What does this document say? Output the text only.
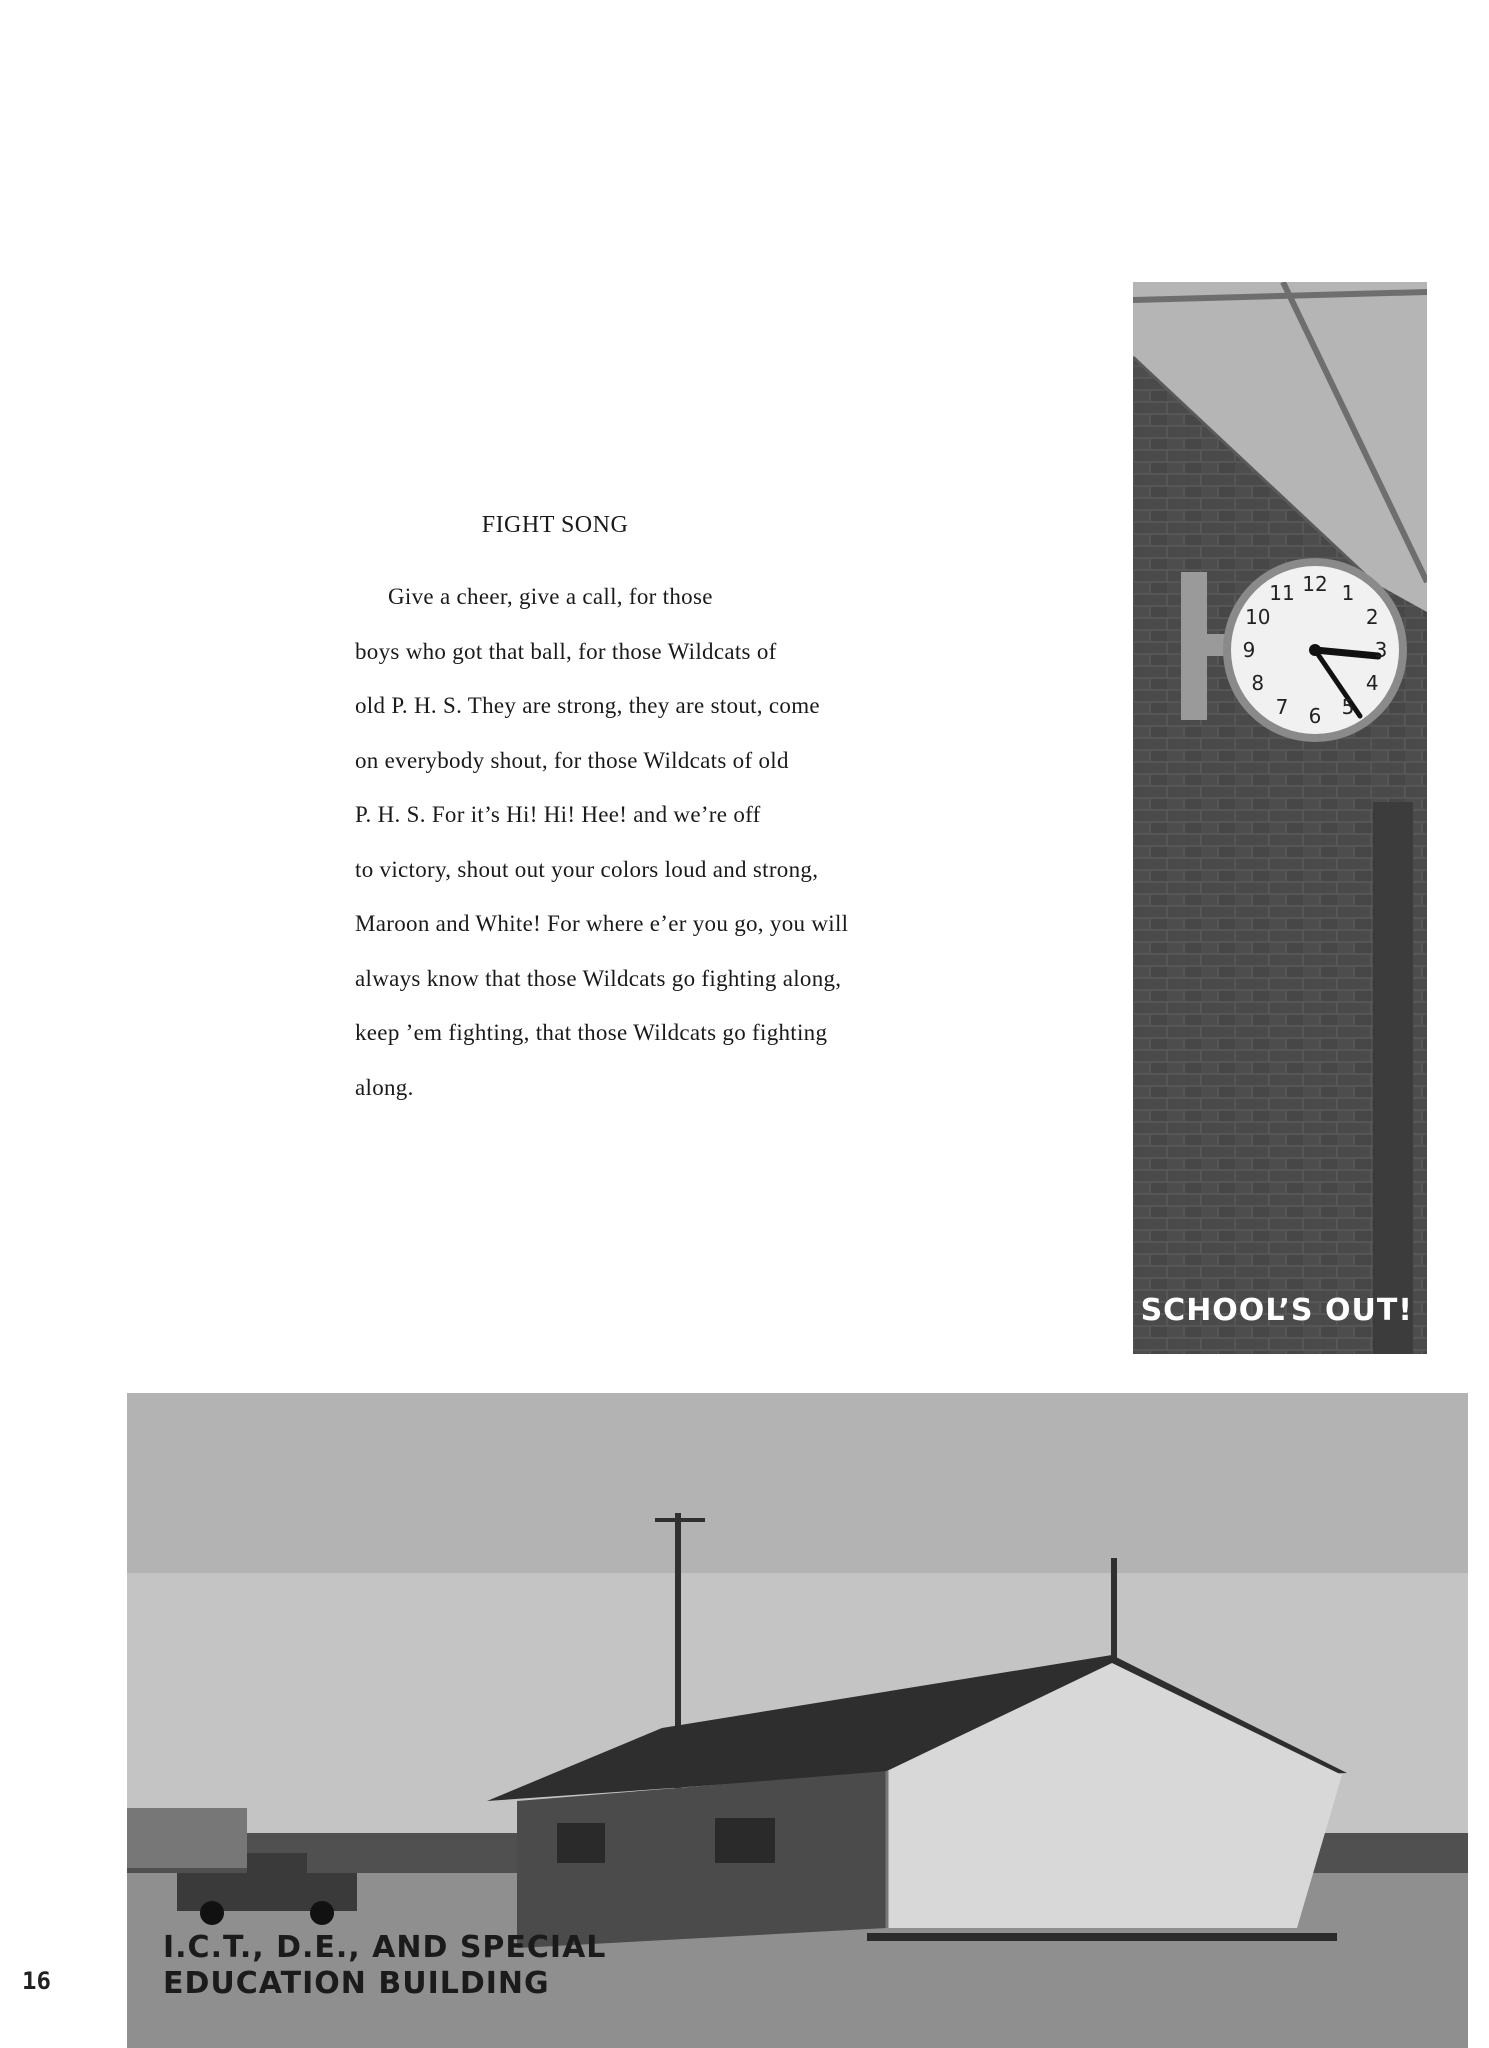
FIGHT SONG
Give a cheer, give a call, for those
boys who got that ball, for those Wildcats of
old P. H. S. They are strong, they are stout, come
on everybody shout, for those Wildcats of old
P. H. S. For it’s Hi! Hi! Hee! and we’re off
to victory, shout out your colors loud and strong,
Maroon and White! For where e’er you go, you will
always know that those Wildcats go fighting along,
keep ’em fighting, that those Wildcats go fighting
along.
12 1
2
3
4
5
6
7
8
9
10
11
SCHOOL’S OUT!
I.C.T., D.E., AND SPECIAL
EDUCATION BUILDING
16
